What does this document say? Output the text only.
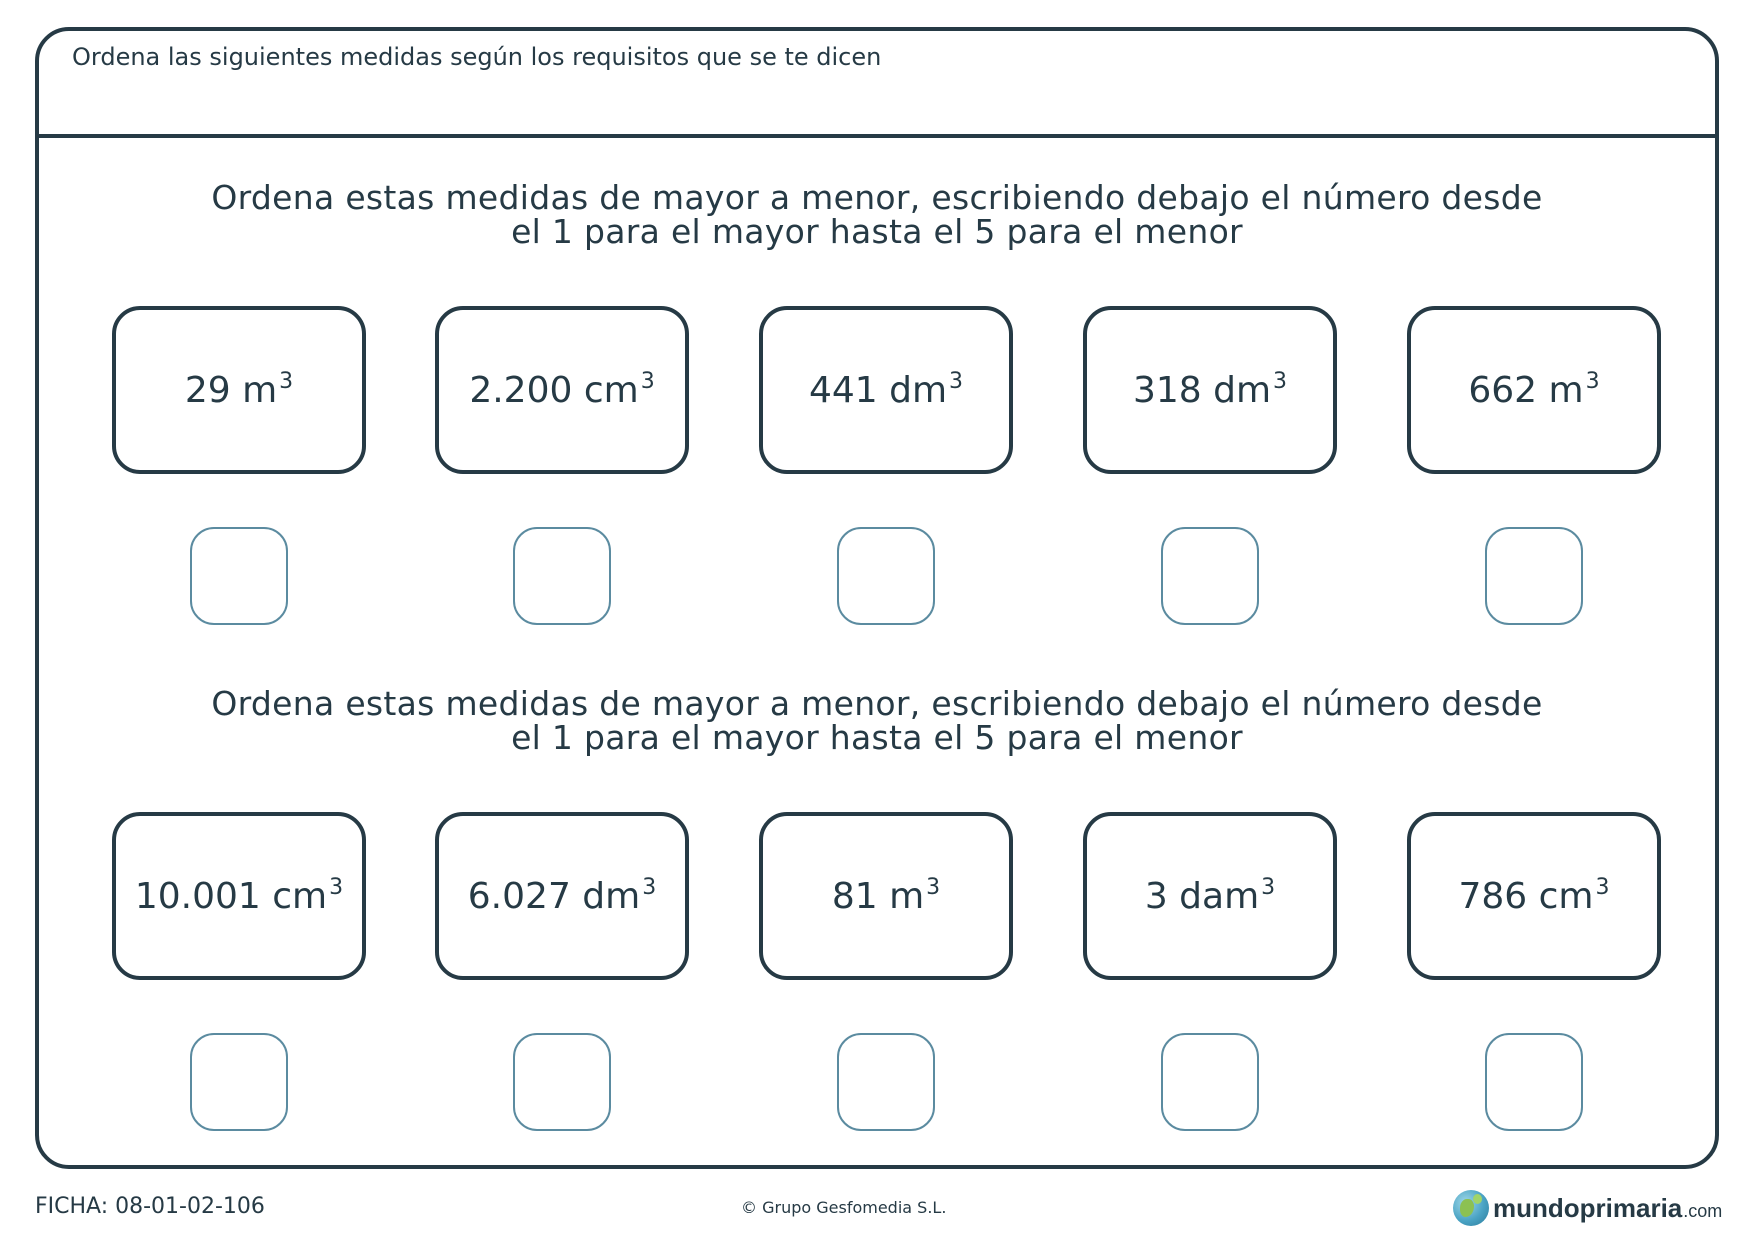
Ordena las siguientes medidas según los requisitos que se te dicen
Ordena estas medidas de mayor a menor, escribiendo debajo el número desde
el 1 para el mayor hasta el 5 para el menor
29 $m^3$	2.200 $cm^3$	441 $dm^3$	318 $dm^3$	662 $m^3$
Ordena estas medidas de mayor a menor, escribiendo debajo el número desde
el 1 para el mayor hasta el 5 para el menor
10.001 $cm^3$	6.027 $dm^3$	81 $m^3$	3 dam$^3$	786 $cm^3$
FICHA: 08-01-02-106	© Grupo Gesfomedia S.L.	mundoprimaria .com
